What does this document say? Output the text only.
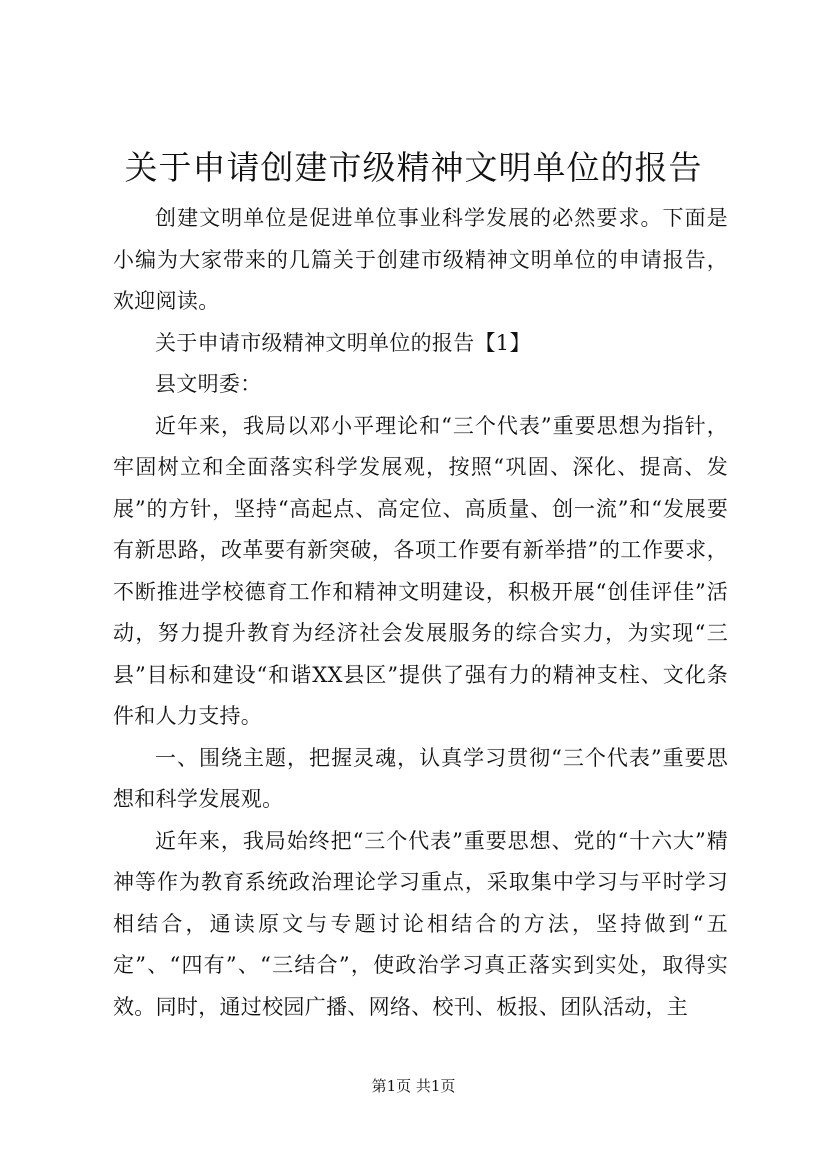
关于申请创建市级精神文明单位的报告

创建文明单位是促进单位事业科学发展的必然要求。下面是小编为大家带来的几篇关于创建市级精神文明单位的申请报告，欢迎阅读。

关于申请市级精神文明单位的报告【1】

县文明委：

近年来，我局以邓小平理论和“三个代表”重要思想为指针，牢固树立和全面落实科学发展观，按照“巩固、深化、提高、发展”的方针，坚持“高起点、高定位、高质量、创一流”和“发展要有新思路，改革要有新突破，各项工作要有新举措”的工作要求，不断推进学校德育工作和精神文明建设，积极开展“创佳评佳”活动，努力提升教育为经济社会发展服务的综合实力，为实现“三县”目标和建设“和谐XX县区”提供了强有力的精神支柱、文化条件和人力支持。

一、围绕主题，把握灵魂，认真学习贯彻“三个代表”重要思想和科学发展观。

近年来，我局始终把“三个代表”重要思想、党的“十六大”精神等作为教育系统政治理论学习重点，采取集中学习与平时学习相结合，通读原文与专题讨论相结合的方法，坚持做到“五定”、“四有”、“三结合”，使政治学习真正落实到实处，取得实效。同时，通过校园广播、网络、校刊、板报、团队活动，主

第1页 共1页
